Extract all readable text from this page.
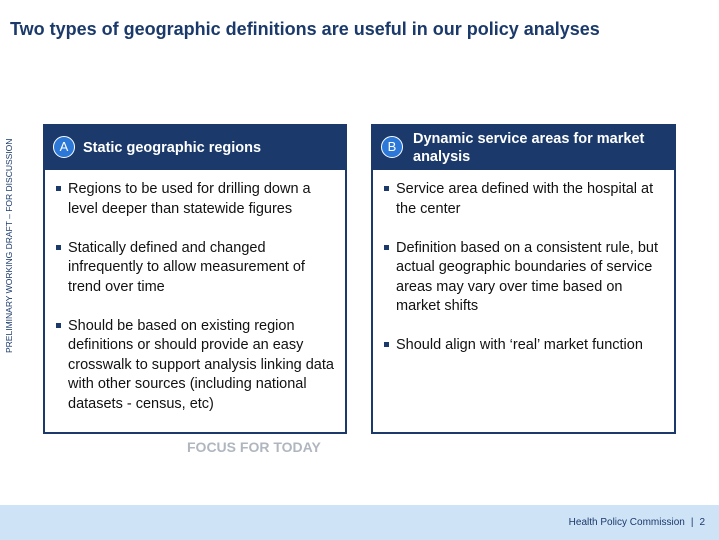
Two types of geographic definitions are useful in our policy analyses
PRELIMINARY WORKING DRAFT – FOR DISCUSSION	A	Static geographic regions
Regions to be used for drilling down a level deeper than statewide figures
Statically defined and changed infrequently to allow measurement of trend over time
Should be based on existing region definitions or should provide an easy crosswalk to support analysis linking data with other sources (including national datasets - census, etc)
B	Dynamic service areas for market analysis
Service area defined with the hospital at the center
Definition based on a consistent rule, but actual geographic boundaries of service areas may vary over time based on market shifts
Should align with ‘real’ market function
FOCUS FOR TODAY
Health Policy Commission | 2
